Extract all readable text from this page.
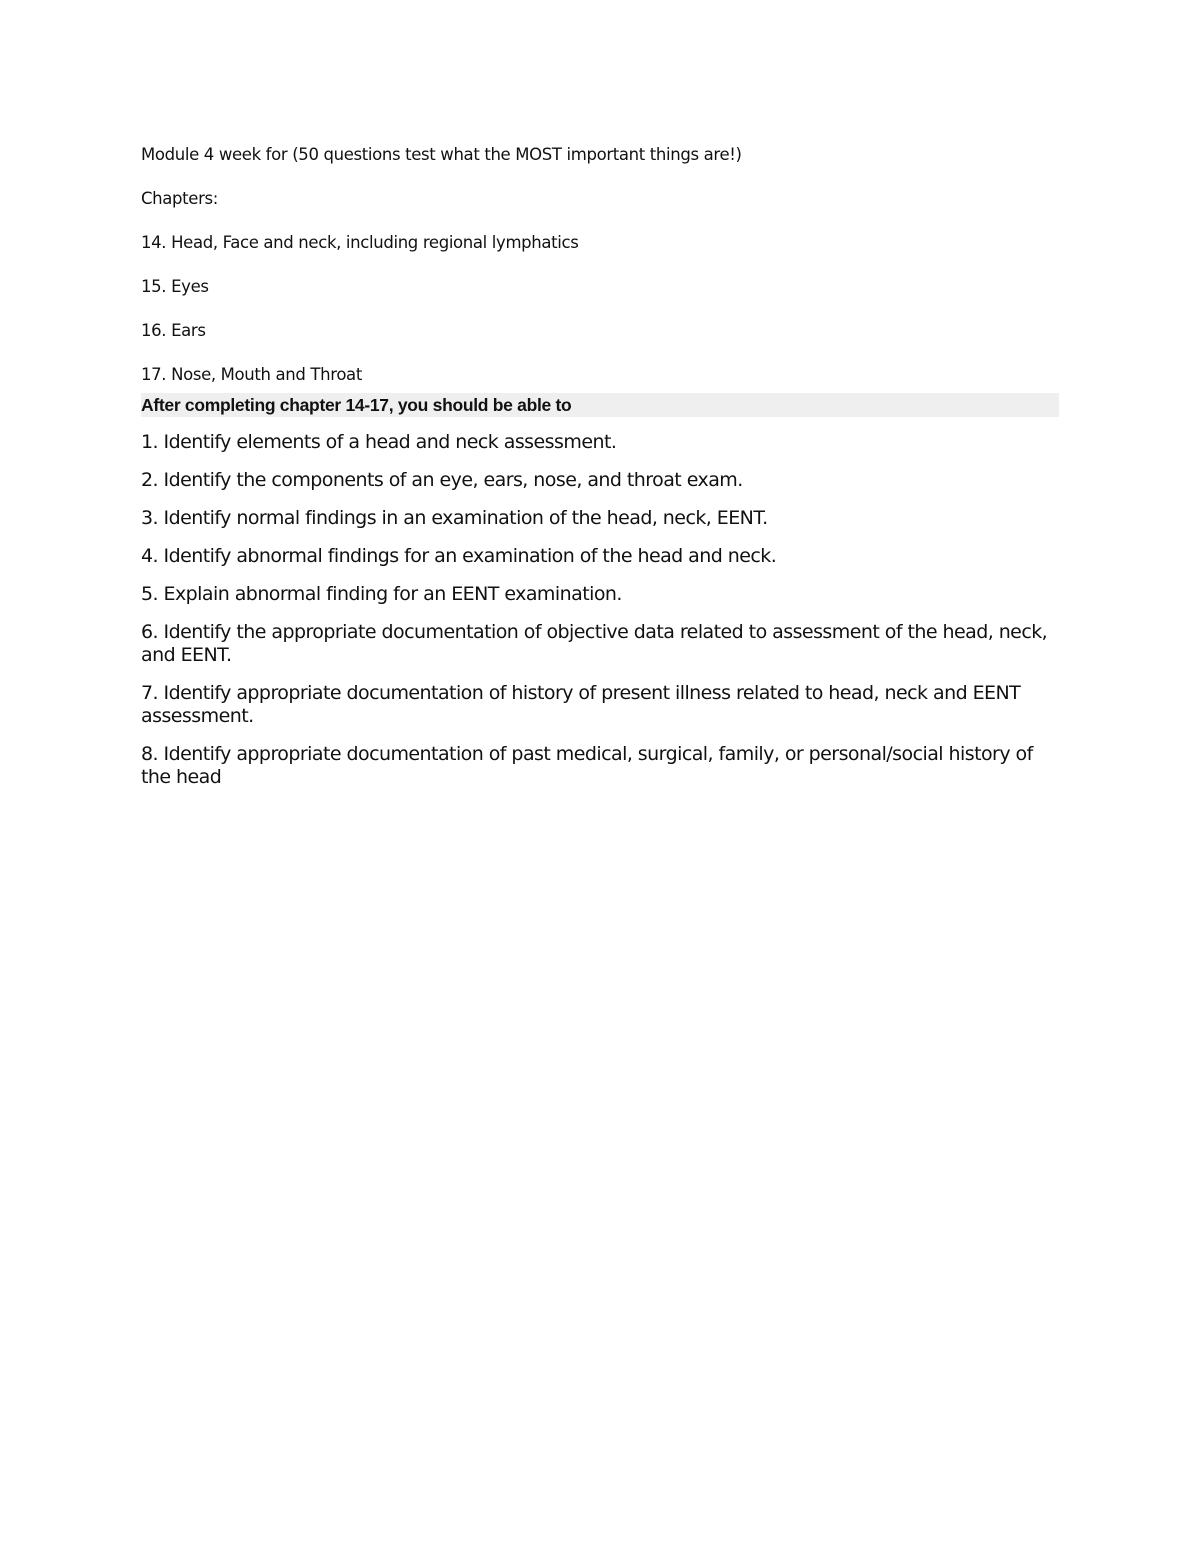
Module 4 week for (50 questions test what the MOST important things are!)

Chapters:

14. Head, Face and neck, including regional lymphatics
15. Eyes
16. Ears
17. Nose, Mouth and Throat
After completing chapter 14-17, you should be able to
1. Identify elements of a head and neck assessment.
2. Identify the components of an eye, ears, nose, and throat exam.
3. Identify normal findings in an examination of the head, neck, EENT.
4. Identify abnormal findings for an examination of the head and neck.
5. Explain abnormal finding for an EENT examination.
6. Identify the appropriate documentation of objective data related to assessment of the head, neck, and EENT.
7. Identify appropriate documentation of history of present illness related to head, neck and EENT assessment.
8. Identify appropriate documentation of past medical, surgical, family, or personal/social history of the head
